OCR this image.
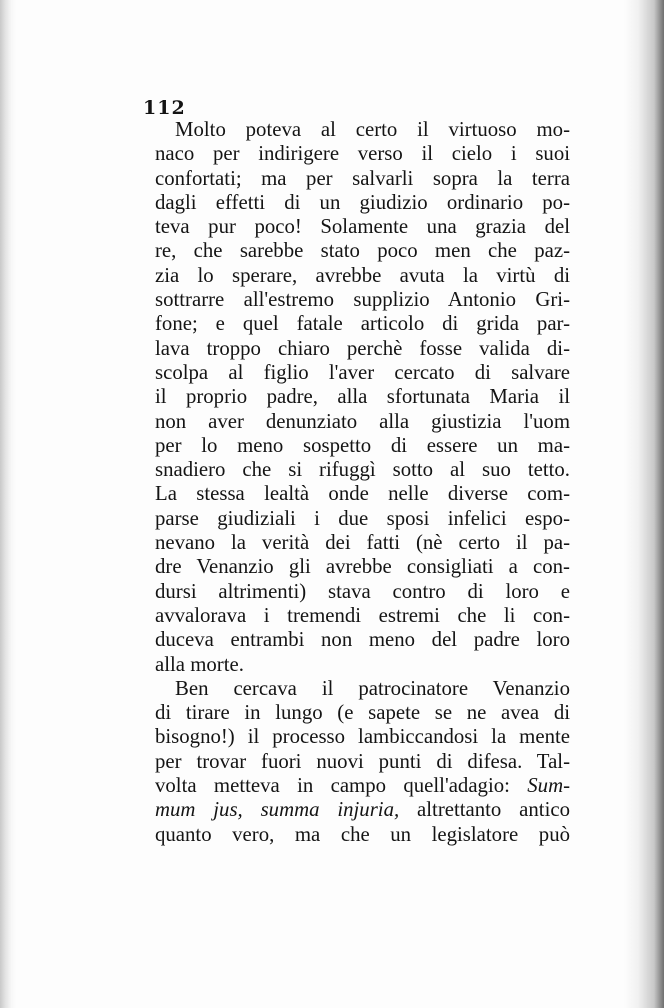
112
Molto poteva al certo il virtuoso mo-
naco per indirigere verso il cielo i suoi
confortati; ma per salvarli sopra la terra
dagli effetti di un giudizio ordinario po-
teva pur poco! Solamente una grazia del
re, che sarebbe stato poco men che paz-
zia lo sperare, avrebbe avuta la virtù di
sottrarre all'estremo supplizio Antonio Gri-
fone; e quel fatale articolo di grida par-
lava troppo chiaro perchè fosse valida di-
scolpa al figlio l'aver cercato di salvare
il proprio padre, alla sfortunata Maria il
non aver denunziato alla giustizia l'uom
per lo meno sospetto di essere un ma-
snadiero che si rifuggì sotto al suo tetto.
La stessa lealtà onde nelle diverse com-
parse giudiziali i due sposi infelici espo-
nevano la verità dei fatti (nè certo il pa-
dre Venanzio gli avrebbe consigliati a con-
dursi altrimenti) stava contro di loro e
avvalorava i tremendi estremi che li con-
duceva entrambi non meno del padre loro
alla morte.
Ben cercava il patrocinatore Venanzio
di tirare in lungo (e sapete se ne avea di
bisogno!) il processo lambiccandosi la mente
per trovar fuori nuovi punti di difesa. Tal-
volta metteva in campo quell'adagio: Sum-
mum jus, summa injuria, altrettanto antico
quanto vero, ma che un legislatore può
